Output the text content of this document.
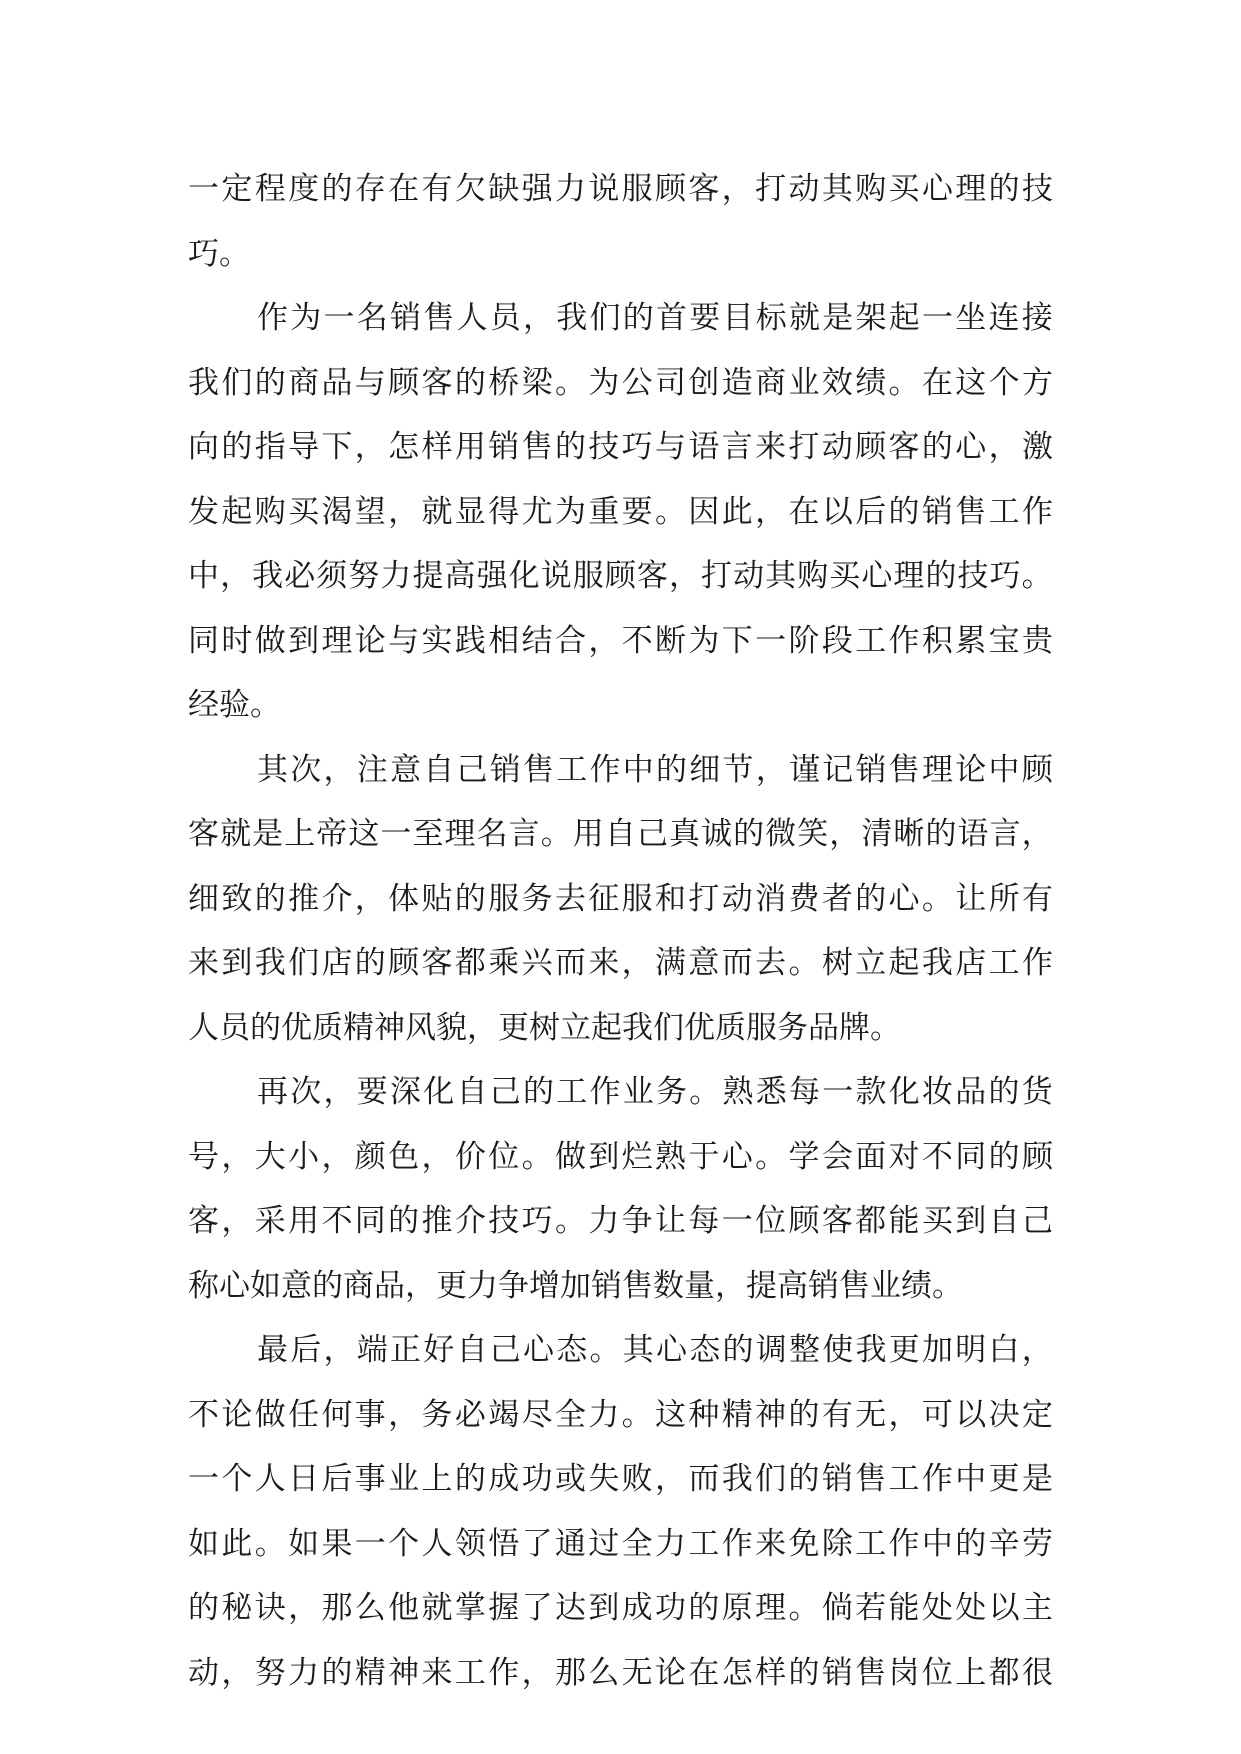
一 定 程 度 的 存 在 有 欠 缺 强 力 说 服 顾 客 ， 打 动 其 购 买 心 理 的 技
巧。
作 为 一 名 销 售 人 员 ， 我 们 的 首 要 目 标 就 是 架 起 一 坐 连 接
我 们 的 商 品 与 顾 客 的 桥 梁 。 为 公 司 创 造 商 业 效 绩 。 在 这 个 方
向 的 指 导 下 ， 怎 样 用 销 售 的 技 巧 与 语 言 来 打 动 顾 客 的 心 ， 激
发 起 购 买 渴 望 ， 就 显 得 尤 为 重 要 。 因 此 ， 在 以 后 的 销 售 工 作
中 ， 我 必 须 努 力 提 高 强 化 说 服 顾 客 ， 打 动 其 购 买 心 理 的 技 巧 。
同 时 做 到 理 论 与 实 践 相 结 合 ， 不 断 为 下 一 阶 段 工 作 积 累 宝 贵
经验。
其 次 ， 注 意 自 己 销 售 工 作 中 的 细 节 ， 谨 记 销 售 理 论 中 顾
客 就 是 上 帝 这 一 至 理 名 言 。 用 自 己 真 诚 的 微 笑 ， 清 晰 的 语 言 ，
细 致 的 推 介 ， 体 贴 的 服 务 去 征 服 和 打 动 消 费 者 的 心 。 让 所 有
来 到 我 们 店 的 顾 客 都 乘 兴 而 来 ， 满 意 而 去 。 树 立 起 我 店 工 作
人员的优质精神风貌，更树立起我们优质服务品牌。
再 次 ， 要 深 化 自 己 的 工 作 业 务 。 熟 悉 每 一 款 化 妆 品 的 货
号 ， 大 小 ， 颜 色 ， 价 位 。 做 到 烂 熟 于 心 。 学 会 面 对 不 同 的 顾
客 ， 采 用 不 同 的 推 介 技 巧 。 力 争 让 每 一 位 顾 客 都 能 买 到 自 己
称心如意的商品，更力争增加销售数量，提高销售业绩。
最 后 ， 端 正 好 自 己 心 态 。 其 心 态 的 调 整 使 我 更 加 明 白 ，
不 论 做 任 何 事 ， 务 必 竭 尽 全 力 。 这 种 精 神 的 有 无 ， 可 以 决 定
一 个 人 日 后 事 业 上 的 成 功 或 失 败 ， 而 我 们 的 销 售 工 作 中 更 是
如 此 。 如 果 一 个 人 领 悟 了 通 过 全 力 工 作 来 免 除 工 作 中 的 辛 劳
的 秘 诀 ， 那 么 他 就 掌 握 了 达 到 成 功 的 原 理 。 倘 若 能 处 处 以 主
动 ， 努 力 的 精 神 来 工 作 ， 那 么 无 论 在 怎 样 的 销 售 岗 位 上 都 很
